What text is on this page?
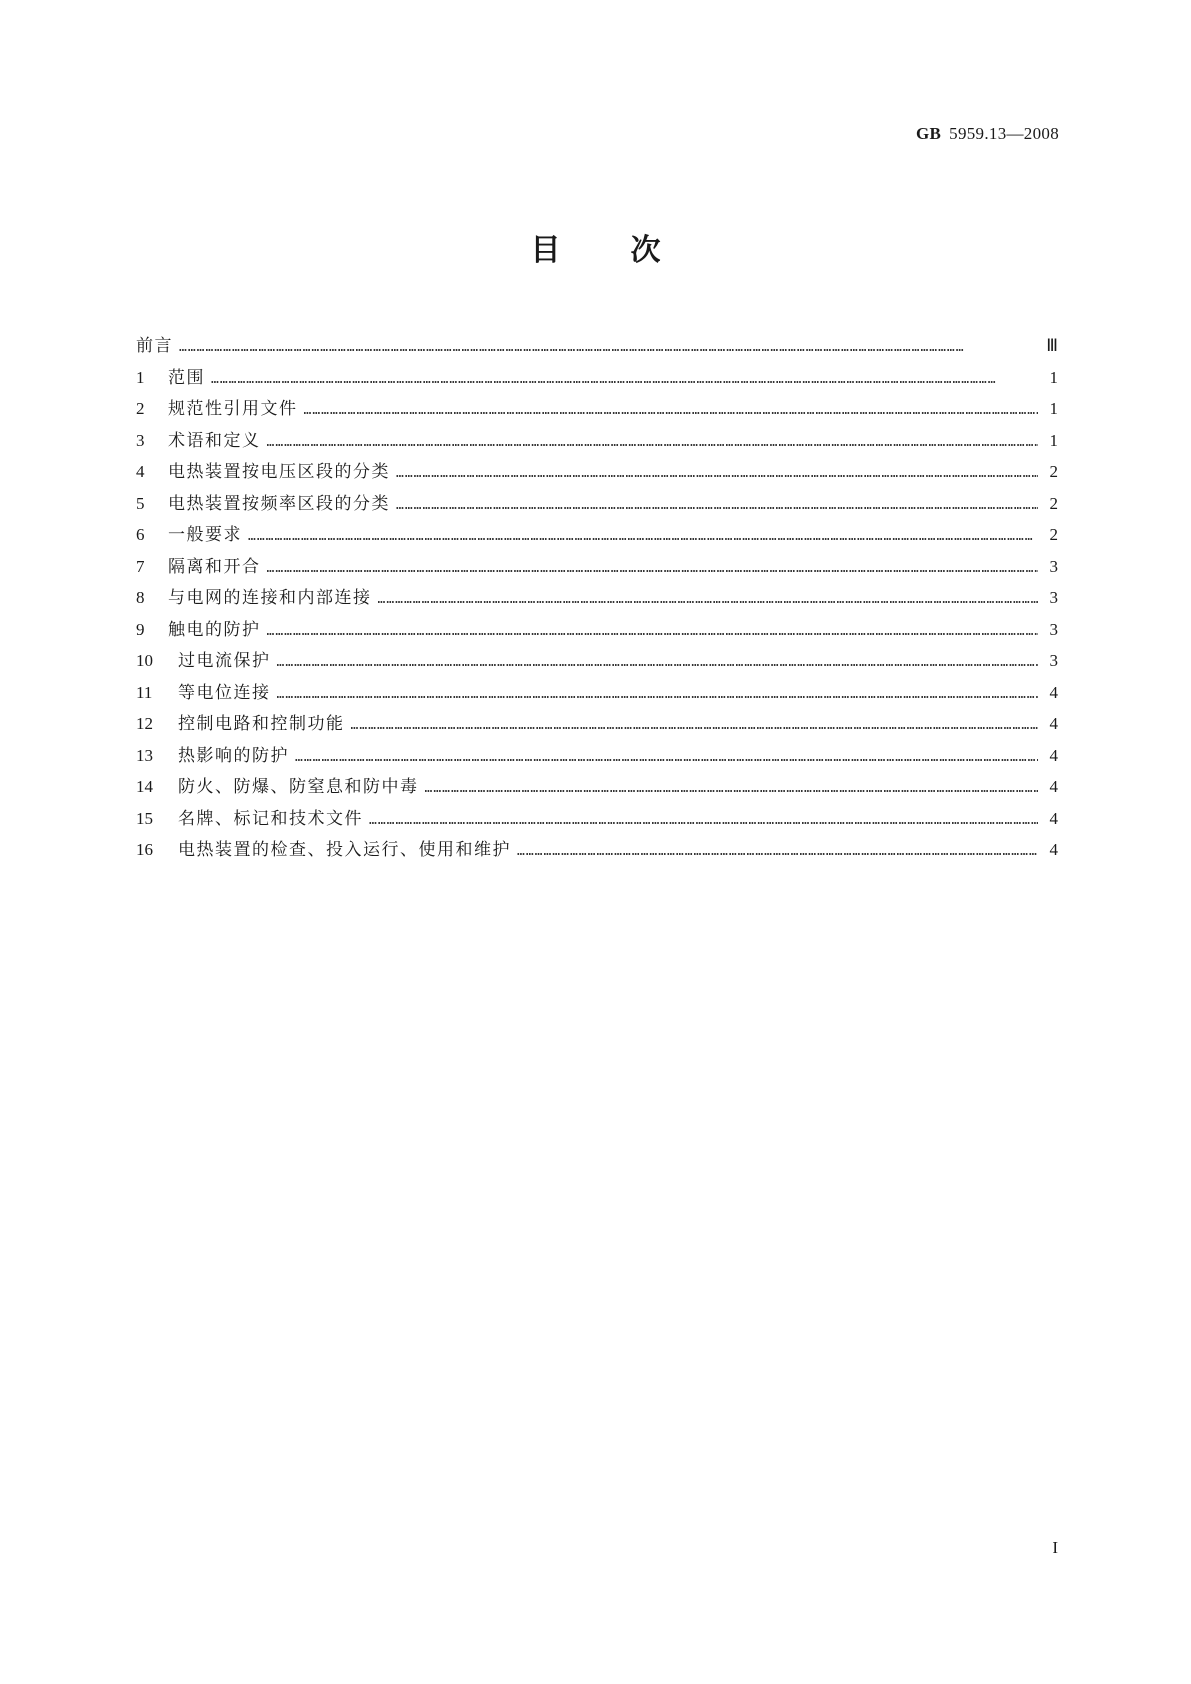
GB 5959.13—2008
目次
前言 ……………………………………………………………………………………………………………………………………………………………………………………………………………………………………………	Ⅲ
1	范围 ……………………………………………………………………………………………………………………………………………………………………………………………………………………………………………	1
2	规范性引用文件 ……………………………………………………………………………………………………………………………………………………………………………………………………………………………………………	1
3	术语和定义 ……………………………………………………………………………………………………………………………………………………………………………………………………………………………………………	1
4	电热装置按电压区段的分类 ……………………………………………………………………………………………………………………………………………………………………………………………………………………………………………	2
5	电热装置按频率区段的分类 ……………………………………………………………………………………………………………………………………………………………………………………………………………………………………………	2
6	一般要求 ……………………………………………………………………………………………………………………………………………………………………………………………………………………………………………	2
7	隔离和开合 ……………………………………………………………………………………………………………………………………………………………………………………………………………………………………………	3
8	与电网的连接和内部连接 ……………………………………………………………………………………………………………………………………………………………………………………………………………………………………………	3
9	触电的防护 ……………………………………………………………………………………………………………………………………………………………………………………………………………………………………………	3
10 过电流保护 ……………………………………………………………………………………………………………………………………………………………………………………………………………………………………………	3
11	等电位连接 ……………………………………………………………………………………………………………………………………………………………………………………………………………………………………………	4
12 控制电路和控制功能 ……………………………………………………………………………………………………………………………………………………………………………………………………………………………………………	4
13 热影响的防护 ……………………………………………………………………………………………………………………………………………………………………………………………………………………………………………	4
14 防火、防爆、防窒息和防中毒 ……………………………………………………………………………………………………………………………………………………………………………………………………………………………………………	4
15 名牌、标记和技术文件 ……………………………………………………………………………………………………………………………………………………………………………………………………………………………………………	4
16 电热装置的检查、投入运行、使用和维护 ……………………………………………………………………………………………………………………………………………………………………………………………………………………………………………	4
I
